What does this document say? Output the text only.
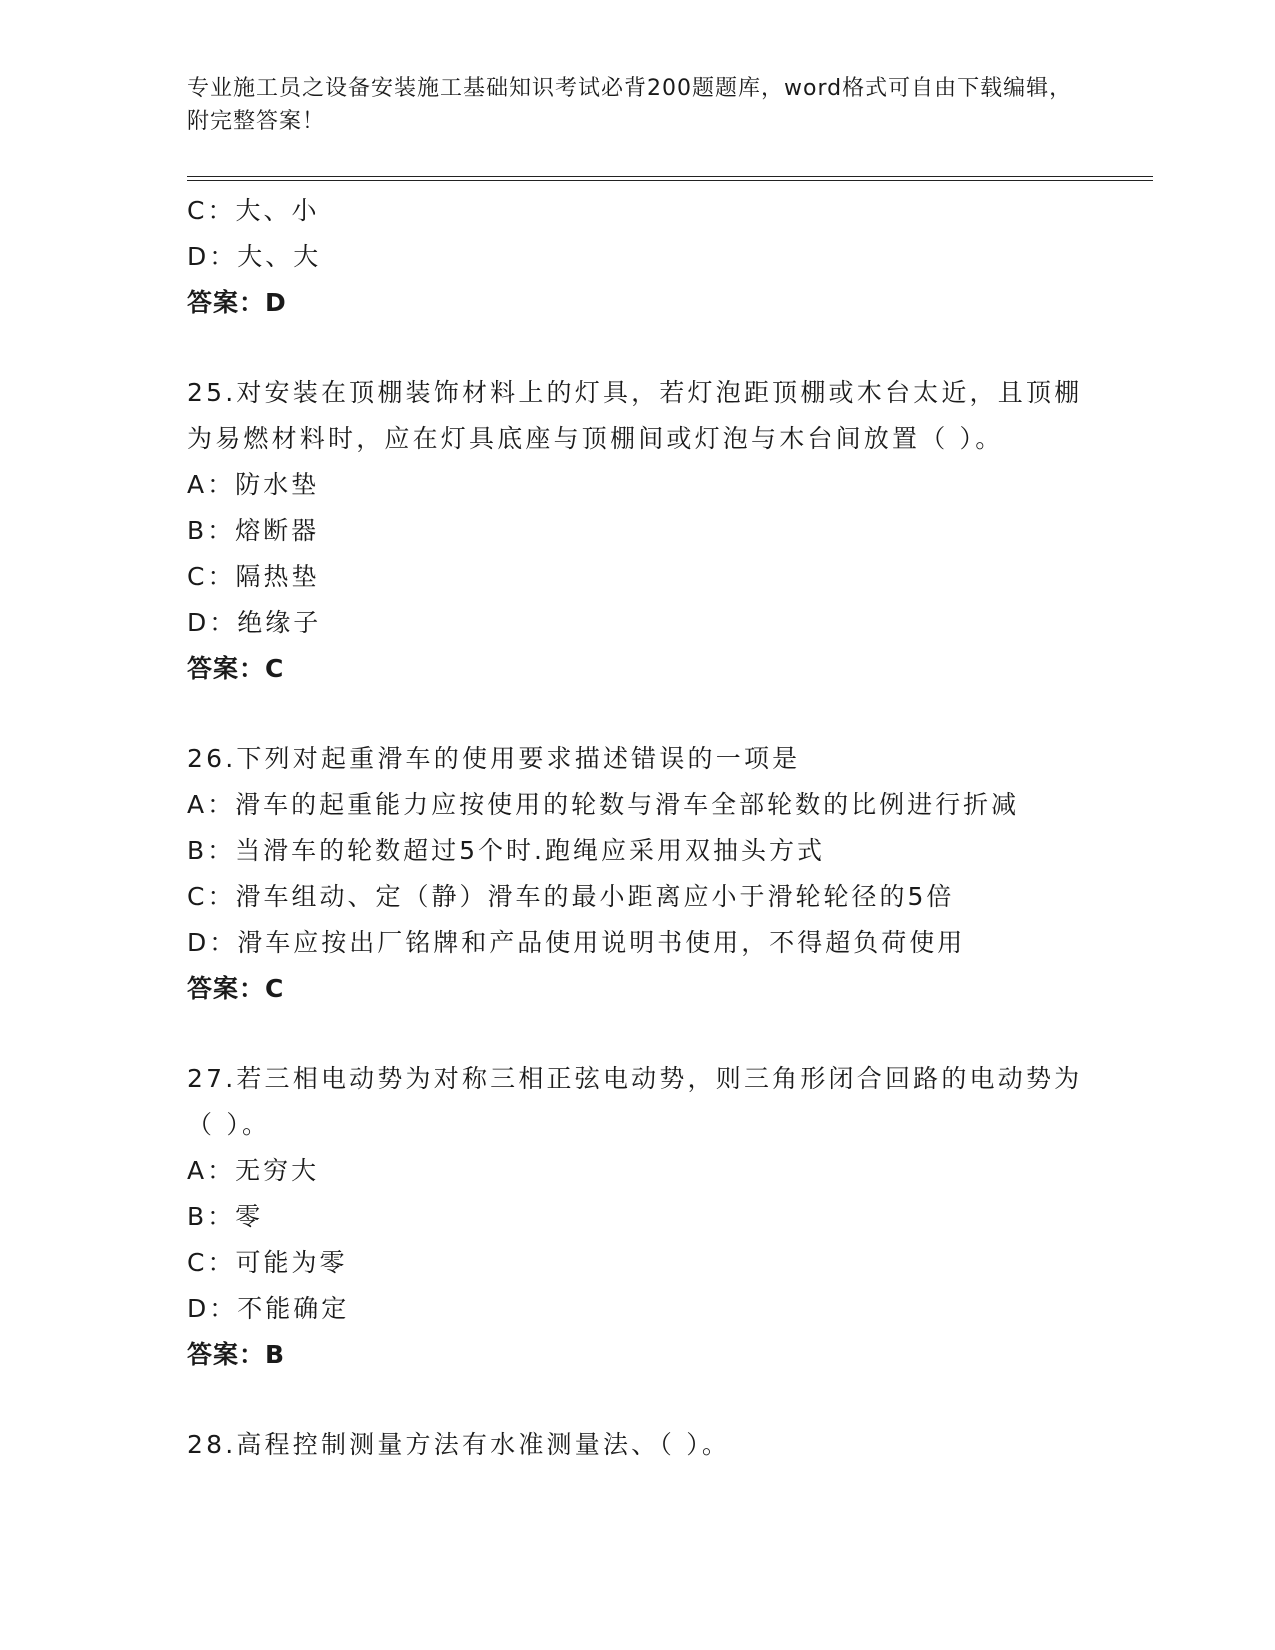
专业施工员之设备安装施工基础知识考试必背200题题库，word格式可自由下载编辑，附完整答案！
C：大、小
D：大、大
答案：D
25.对安装在顶棚装饰材料上的灯具，若灯泡距顶棚或木台太近，且顶棚为易燃材料时，应在灯具底座与顶棚间或灯泡与木台间放置（ ）。
A：防水垫
B：熔断器
C：隔热垫
D：绝缘子
答案：C
26.下列对起重滑车的使用要求描述错误的一项是
A：滑车的起重能力应按使用的轮数与滑车全部轮数的比例进行折减
B：当滑车的轮数超过5个时.跑绳应采用双抽头方式
C：滑车组动、定（静）滑车的最小距离应小于滑轮轮径的5倍
D：滑车应按出厂铭牌和产品使用说明书使用，不得超负荷使用
答案：C
27.若三相电动势为对称三相正弦电动势，则三角形闭合回路的电动势为（ ）。
A：无穷大
B：零
C：可能为零
D：不能确定
答案：B
28.高程控制测量方法有水准测量法、（ ）。
